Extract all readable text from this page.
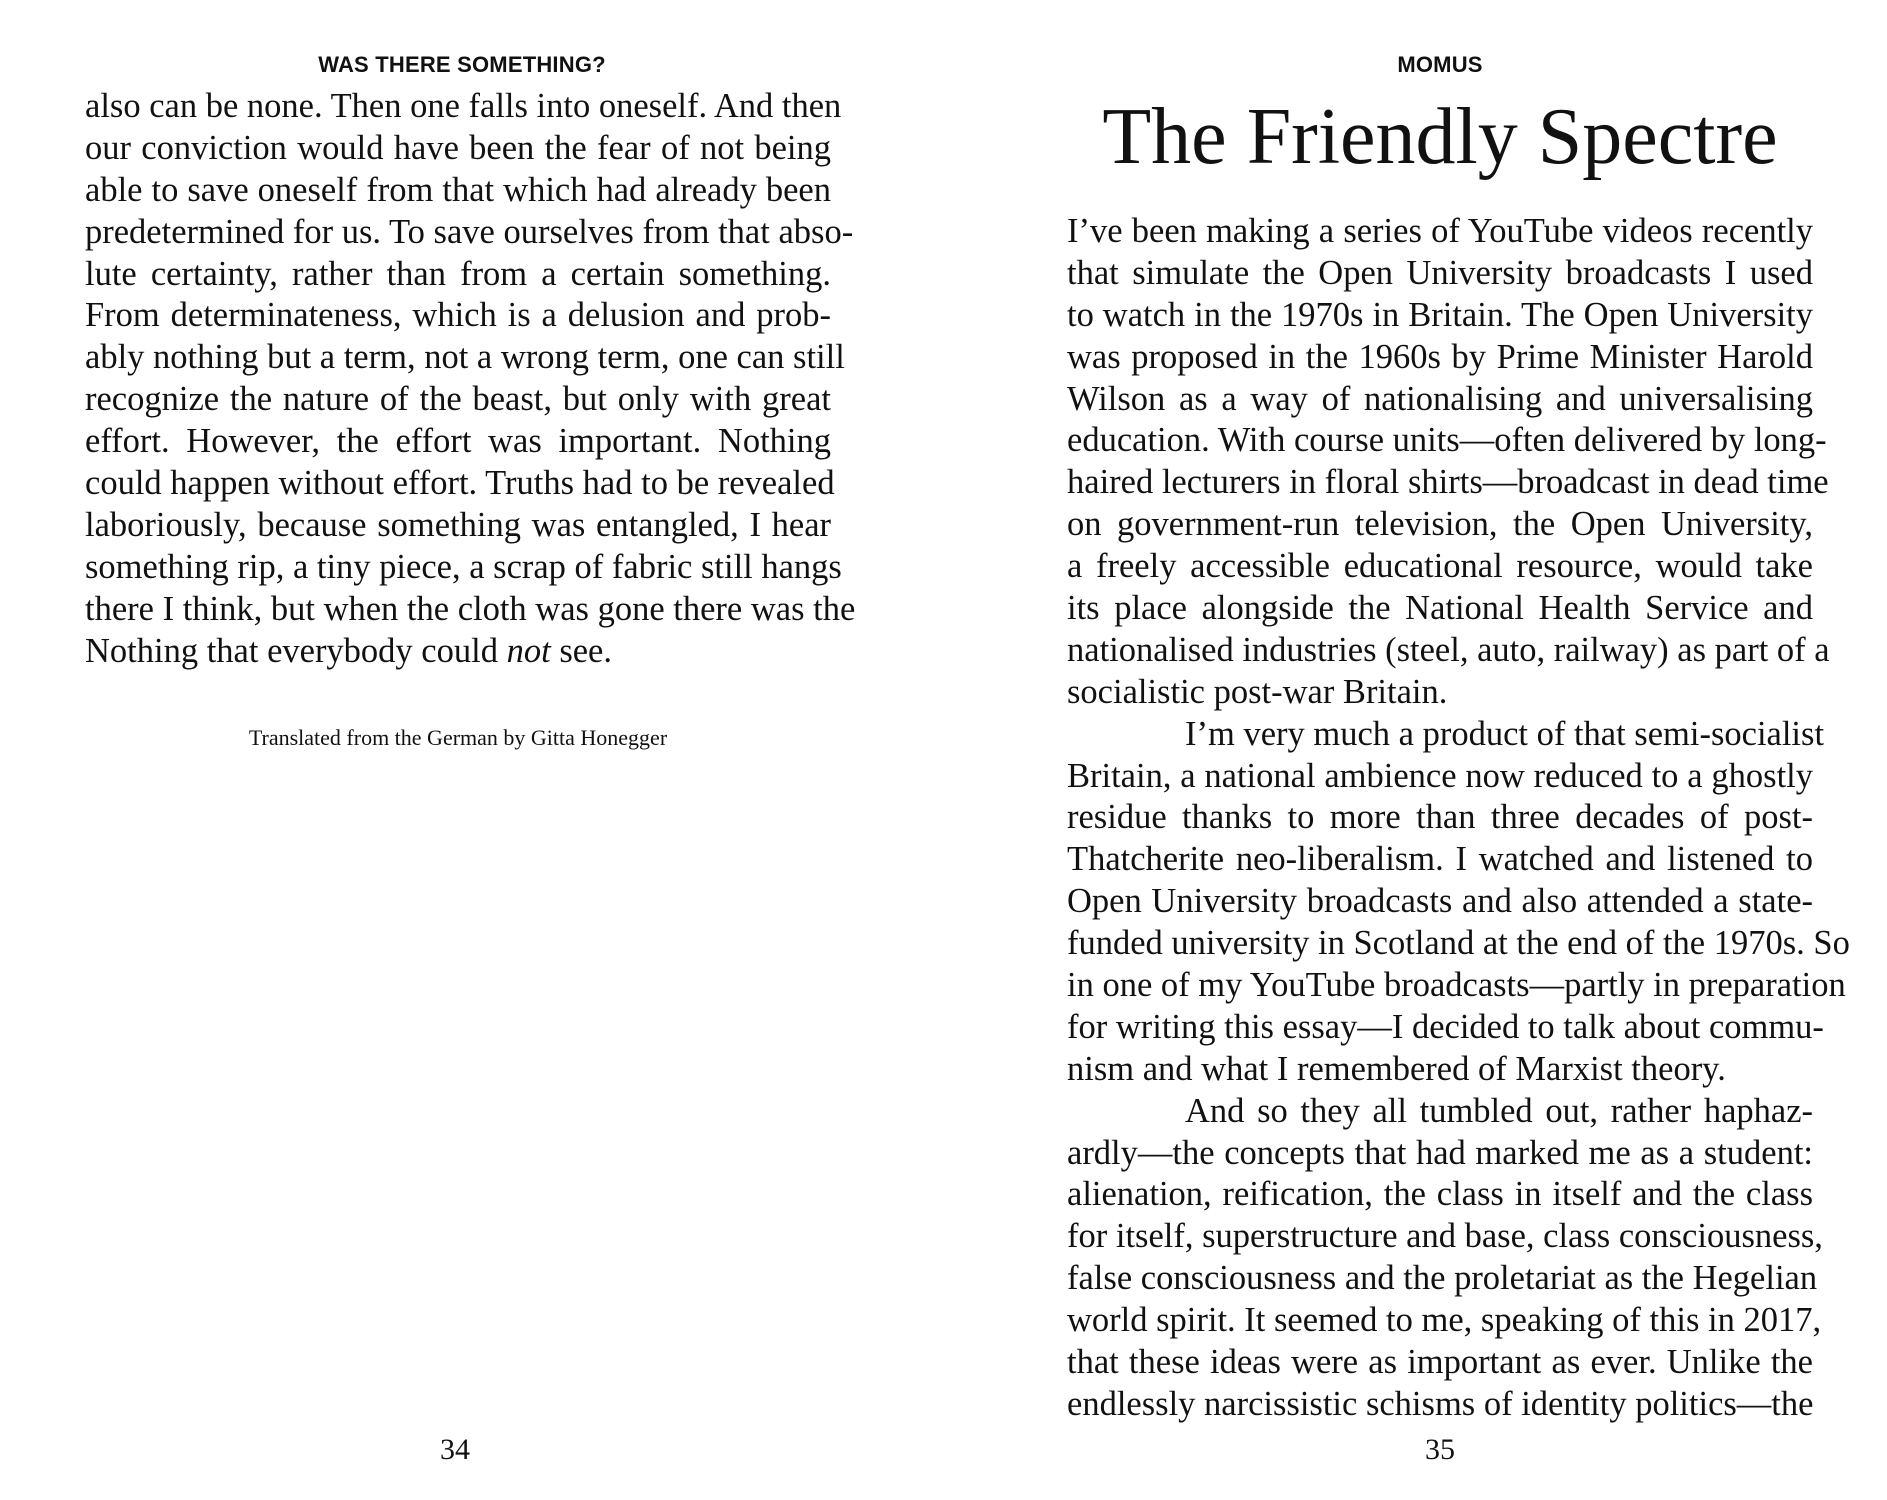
WAS THERE SOMETHING?	MOMUS
also can be none. Then one falls into oneself. And then
our conviction would have been the fear of not being
able to save oneself from that which had already been
predetermined for us. To save ourselves from that abso-
lute certainty, rather than from a certain something.
From determinateness, which is a delusion and prob-
ably nothing but a term, not a wrong term, one can still
recognize the nature of the beast, but only with great
effort. However, the effort was important. Nothing
could happen without effort. Truths had to be revealed
laboriously, because something was entangled, I hear
something rip, a tiny piece, a scrap of fabric still hangs
there I think, but when the cloth was gone there was the
Nothing that everybody could not see.
Translated from the German by Gitta Honegger
The Friendly Spectre
I’ve been making a series of YouTube videos recently
that simulate the Open University broadcasts I used
to watch in the 1970s in Britain. The Open University
was proposed in the 1960s by Prime Minister Harold
Wilson as a way of nationalising and universalising
education. With course units—often delivered by long-
haired lecturers in floral shirts—broadcast in dead time
on government-run television, the Open University,
a freely accessible educational resource, would take
its place alongside the National Health Service and
nationalised industries (steel, auto, railway) as part of a
socialistic post-war Britain.
I’m very much a product of that semi-socialist
Britain, a national ambience now reduced to a ghostly
residue thanks to more than three decades of post-
Thatcherite neo-liberalism. I watched and listened to
Open University broadcasts and also attended a state-
funded university in Scotland at the end of the 1970s. So
in one of my YouTube broadcasts—partly in preparation
for writing this essay—I decided to talk about commu-
nism and what I remembered of Marxist theory.
And so they all tumbled out, rather haphaz-
ardly—the concepts that had marked me as a student:
alienation, reification, the class in itself and the class
for itself, superstructure and base, class consciousness,
false consciousness and the proletariat as the Hegelian
world spirit. It seemed to me, speaking of this in 2017,
that these ideas were as important as ever. Unlike the
endlessly narcissistic schisms of identity politics—the
34	35
